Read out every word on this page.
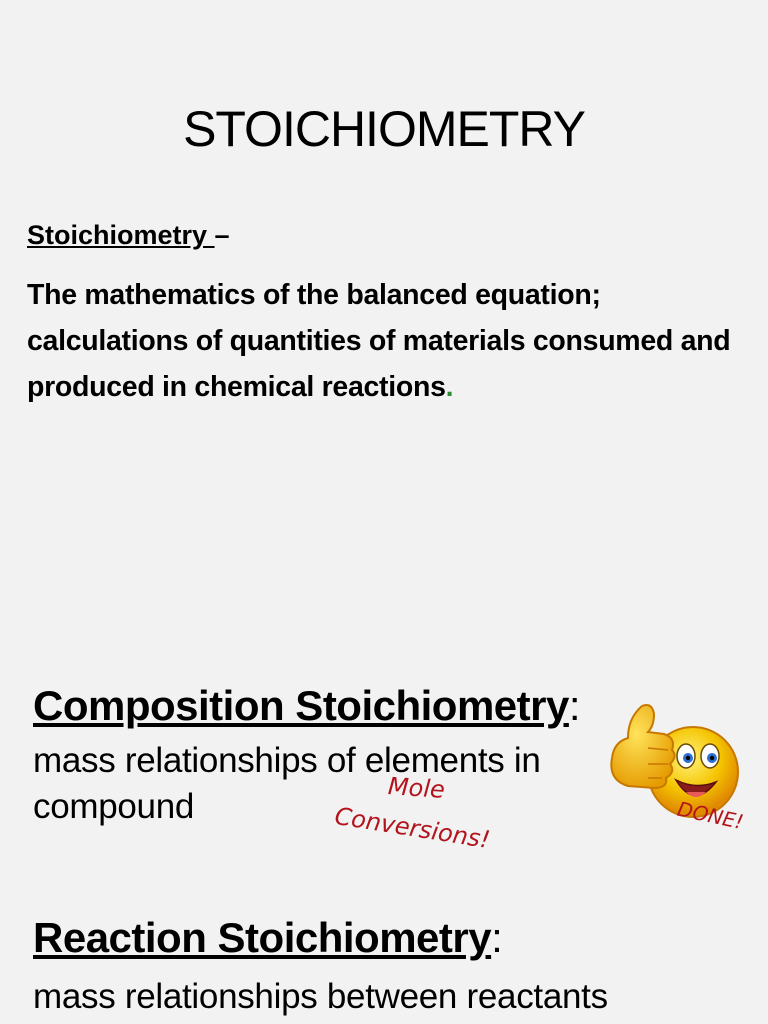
STOICHIOMETRY
Stoichiometry –
The mathematics of the balanced equation; calculations of quantities of materials consumed and produced in chemical reactions.
Composition Stoichiometry:
mass relationships of elements in compound	Mole
Conversions!	DONE!
Reaction Stoichiometry:
mass relationships between reactants
